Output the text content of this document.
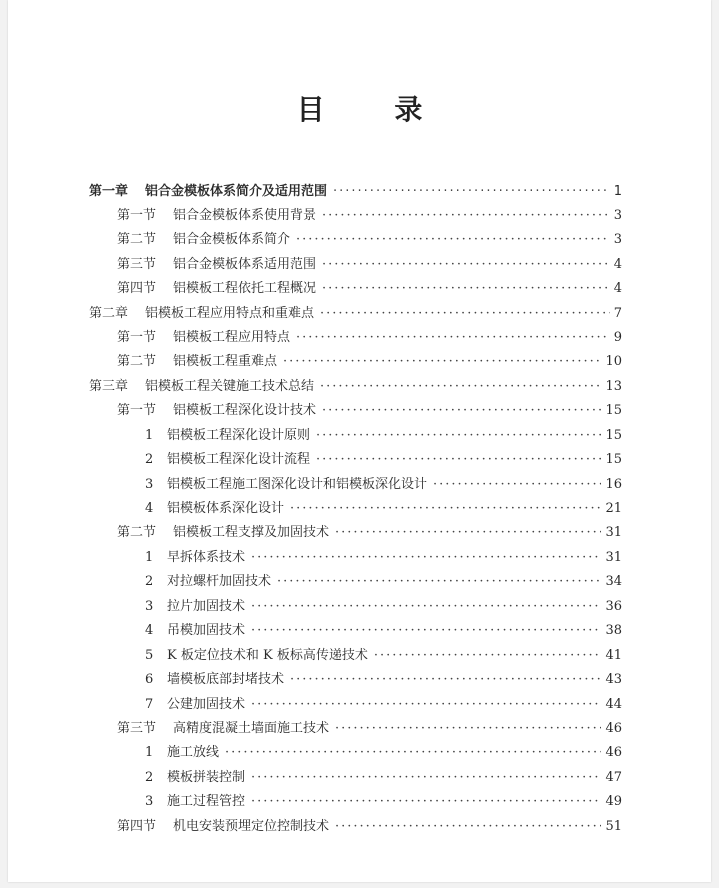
目 录
第一章	铝合金模板体系简介及适用范围 ·····	1
第一节	铝合金模板体系使用背景 ·····	3
第二节	铝合金模板体系简介 ·····	3
第三节	铝合金模板体系适用范围 ·····	4
第四节	铝模板工程依托工程概况 ·····	4
第二章	铝模板工程应用特点和重难点 ·····	7
第一节	铝模板工程应用特点 ·····	9
第二节	铝模板工程重难点 ·····	10
第三章	铝模板工程关键施工技术总结 ·····	13
第一节	铝模板工程深化设计技术 ·····	15
1	铝模板工程深化设计原则 ·····	15
2	铝模板工程深化设计流程 ·····	15
3	铝模板工程施工图深化设计和铝模板深化设计 ·····	16
4	铝模板体系深化设计 ·····	21
第二节	铝模板工程支撑及加固技术 ·····	31
1	早拆体系技术 ·····	31
2	对拉螺杆加固技术 ·····	34
3	拉片加固技术 ·····	36
4	吊模加固技术 ·····	38
5	K 板定位技术和 K 板标高传递技术 ·····	41
6	墙模板底部封堵技术 ·····	43
7	公建加固技术 ·····	44
第三节	高精度混凝土墙面施工技术 ·····	46
1	施工放线 ·····	46
2	模板拼装控制 ·····	47
3	施工过程管控 ·····	49
第四节	机电安装预埋定位控制技术 ·····	51
